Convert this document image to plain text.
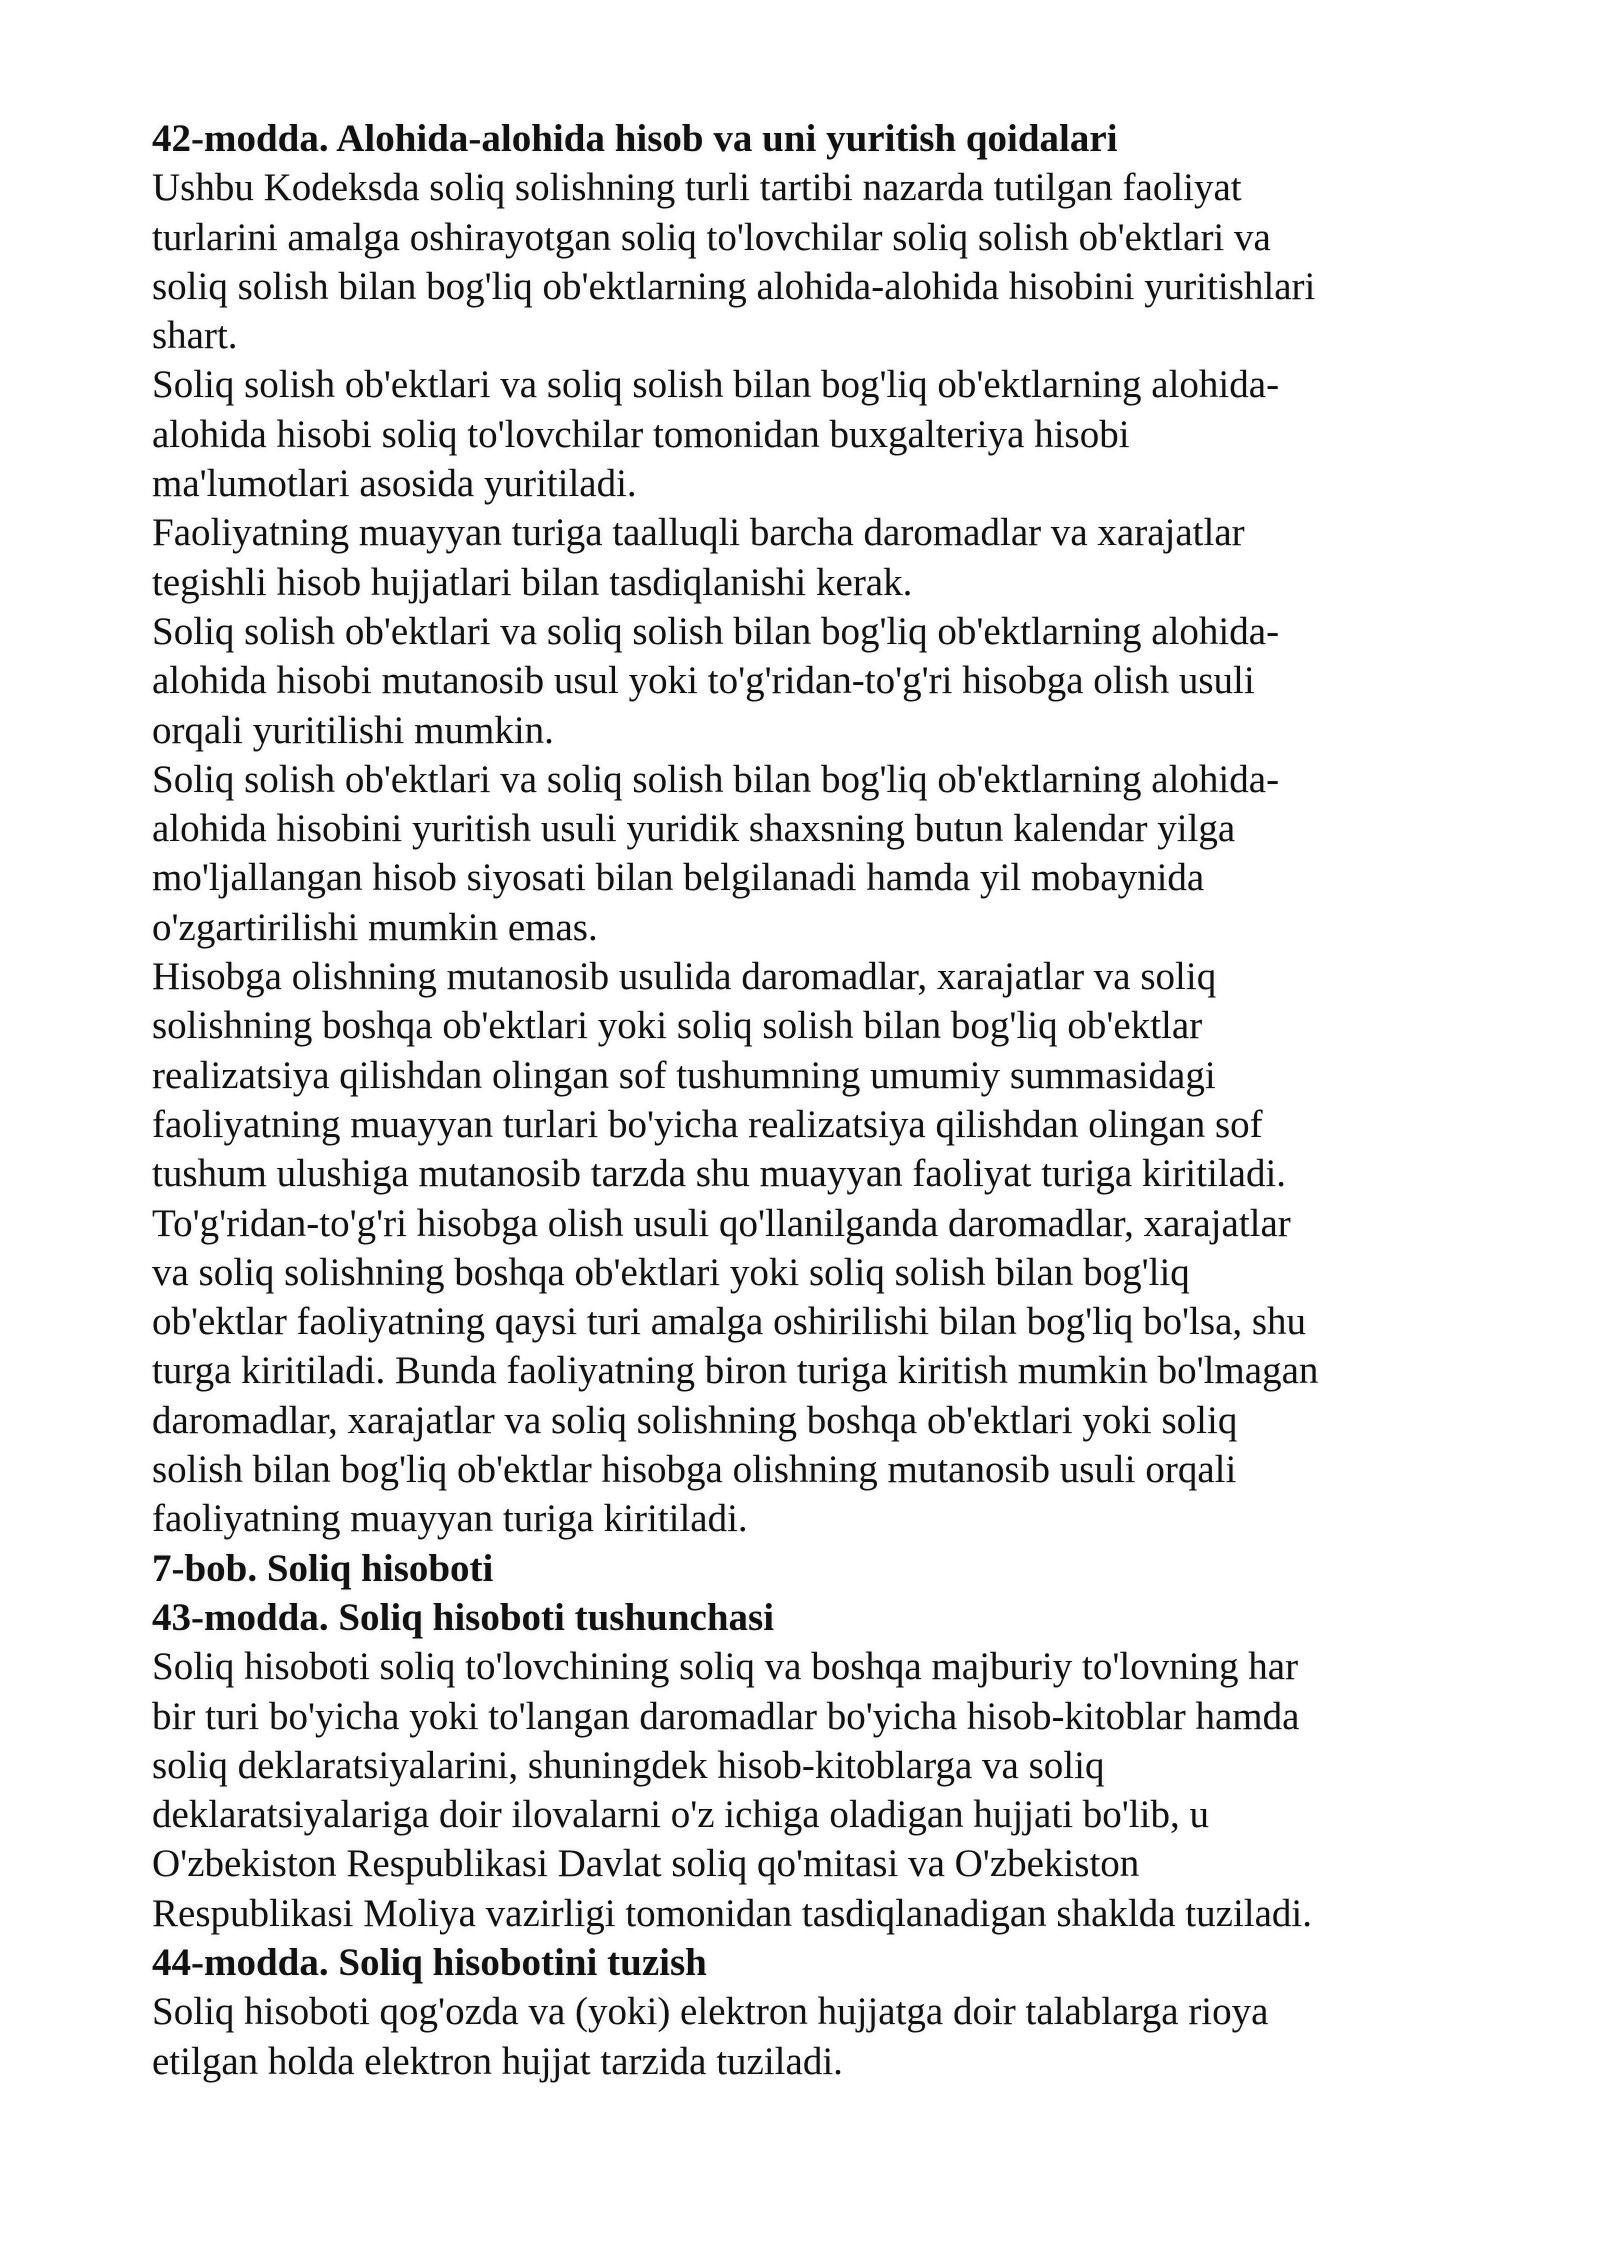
42-modda. Alohida-alohida hisob va uni yuritish qoidalari
Ushbu Kodeksda soliq solishning turli tartibi nazarda tutilgan faoliyat
turlarini amalga oshirayotgan soliq to'lovchilar soliq solish ob'ektlari va
soliq solish bilan bog'liq ob'ektlarning alohida-alohida hisobini yuritishlari
shart.
Soliq solish ob'ektlari va soliq solish bilan bog'liq ob'ektlarning alohida-
alohida hisobi soliq to'lovchilar tomonidan buxgalteriya hisobi
ma'lumotlari asosida yuritiladi.
Faoliyatning muayyan turiga taalluqli barcha daromadlar va xarajatlar
tegishli hisob hujjatlari bilan tasdiqlanishi kerak.
Soliq solish ob'ektlari va soliq solish bilan bog'liq ob'ektlarning alohida-
alohida hisobi mutanosib usul yoki to'g'ridan-to'g'ri hisobga olish usuli
orqali yuritilishi mumkin.
Soliq solish ob'ektlari va soliq solish bilan bog'liq ob'ektlarning alohida-
alohida hisobini yuritish usuli yuridik shaxsning butun kalendar yilga
mo'ljallangan hisob siyosati bilan belgilanadi hamda yil mobaynida
o'zgartirilishi mumkin emas.
Hisobga olishning mutanosib usulida daromadlar, xarajatlar va soliq
solishning boshqa ob'ektlari yoki soliq solish bilan bog'liq ob'ektlar
realizatsiya qilishdan olingan sof tushumning umumiy summasidagi
faoliyatning muayyan turlari bo'yicha realizatsiya qilishdan olingan sof
tushum ulushiga mutanosib tarzda shu muayyan faoliyat turiga kiritiladi.
To'g'ridan-to'g'ri hisobga olish usuli qo'llanilganda daromadlar, xarajatlar
va soliq solishning boshqa ob'ektlari yoki soliq solish bilan bog'liq
ob'ektlar faoliyatning qaysi turi amalga oshirilishi bilan bog'liq bo'lsa, shu
turga kiritiladi. Bunda faoliyatning biron turiga kiritish mumkin bo'lmagan
daromadlar, xarajatlar va soliq solishning boshqa ob'ektlari yoki soliq
solish bilan bog'liq ob'ektlar hisobga olishning mutanosib usuli orqali
faoliyatning muayyan turiga kiritiladi.
7-bob. Soliq hisoboti
43-modda. Soliq hisoboti tushunchasi
Soliq hisoboti soliq to'lovchining soliq va boshqa majburiy to'lovning har
bir turi bo'yicha yoki to'langan daromadlar bo'yicha hisob-kitoblar hamda
soliq deklaratsiyalarini, shuningdek hisob-kitoblarga va soliq
deklaratsiyalariga doir ilovalarni o'z ichiga oladigan hujjati bo'lib, u
O'zbekiston Respublikasi Davlat soliq qo'mitasi va O'zbekiston
Respublikasi Moliya vazirligi tomonidan tasdiqlanadigan shaklda tuziladi.
44-modda. Soliq hisobotini tuzish
Soliq hisoboti qog'ozda va (yoki) elektron hujjatga doir talablarga rioya
etilgan holda elektron hujjat tarzida tuziladi.
